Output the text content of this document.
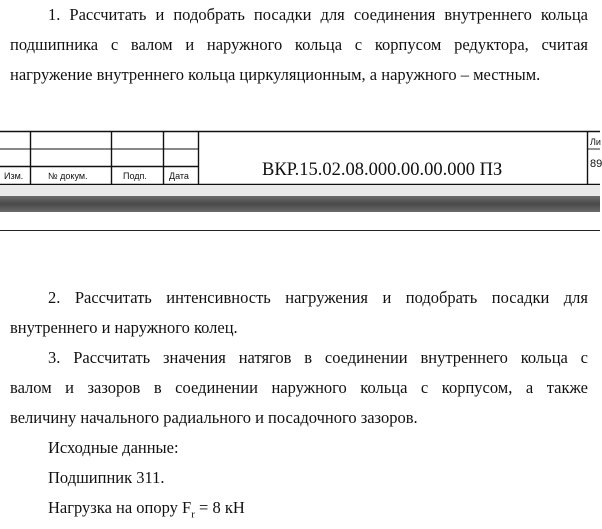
1. Рассчитать и подобрать посадки для соединения внутреннего кольца
подшипника с валом и наружного кольца с корпусом редуктора, считая
нагружение внутреннего кольца циркуляционным, а наружного – местным.
Изм.	№ докум.	Подп. Дата	ВКР.15.02.08.000.00.00.000 ПЗ
Ли
89
2. Рассчитать интенсивность нагружения и подобрать посадки для
внутреннего и наружного колец.
3. Рассчитать значения натягов в соединении внутреннего кольца с
валом и зазоров в соединении наружного кольца с корпусом, а также
величину начального радиального и посадочного зазоров.
Исходные данные:
Подшипник 311.
Нагрузка на опору $F_r = 8$ кН
